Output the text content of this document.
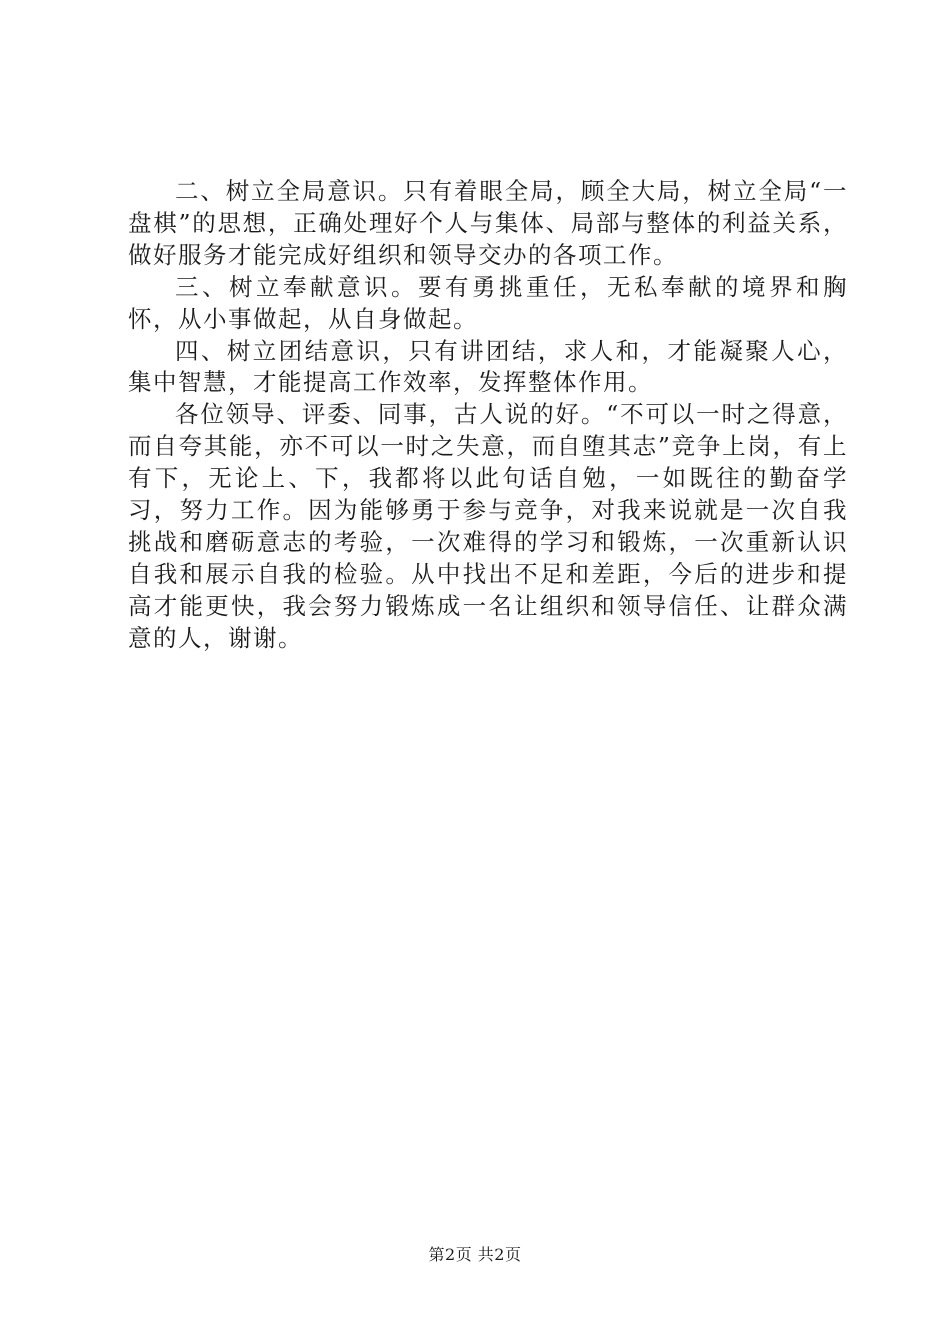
二、树立全局意识。只有着眼全局，顾全大局，树立全局“一盘棋”的思想，正确处理好个人与集体、局部与整体的利益关系，做好服务才能完成好组织和领导交办的各项工作。

三、树立奉献意识。要有勇挑重任，无私奉献的境界和胸怀，从小事做起，从自身做起。

四、树立团结意识，只有讲团结，求人和，才能凝聚人心，集中智慧，才能提高工作效率，发挥整体作用。

各位领导、评委、同事，古人说的好。“不可以一时之得意，而自夸其能，亦不可以一时之失意，而自堕其志”竞争上岗，有上有下，无论上、下，我都将以此句话自勉，一如既往的勤奋学习，努力工作。因为能够勇于参与竞争，对我来说就是一次自我挑战和磨砺意志的考验，一次难得的学习和锻炼，一次重新认识自我和展示自我的检验。从中找出不足和差距，今后的进步和提高才能更快，我会努力锻炼成一名让组织和领导信任、让群众满意的人，谢谢。

第2页 共2页
